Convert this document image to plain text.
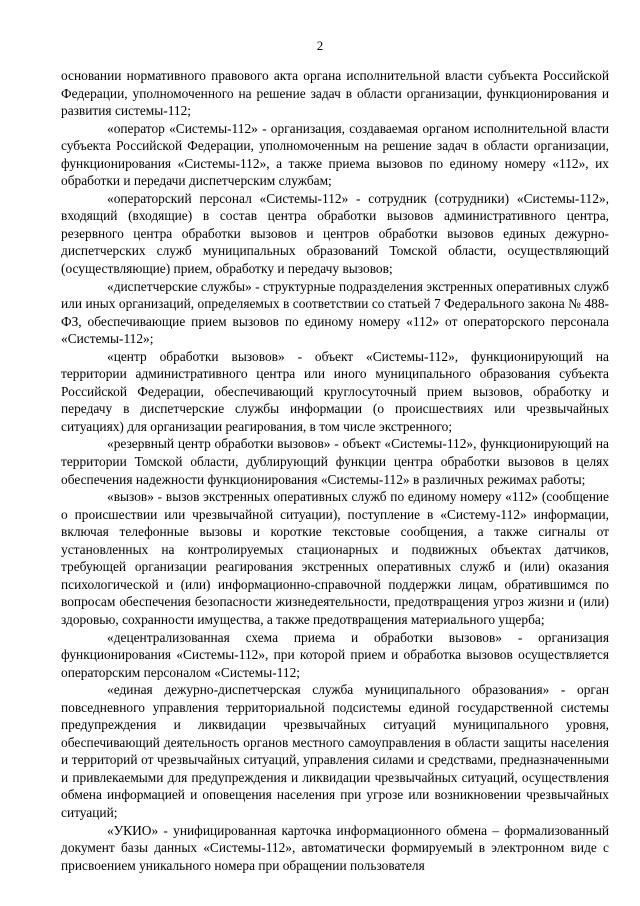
2

основании нормативного правового акта органа исполнительной власти субъекта Российской Федерации, уполномоченного на решение задач в области организации, функционирования и развития системы-112;

«оператор «Системы-112» - организация, создаваемая органом исполнительной власти субъекта Российской Федерации, уполномоченным на решение задач в области организации, функционирования «Системы-112», а также приема вызовов по единому номеру «112», их обработки и передачи диспетчерским службам;

«операторский персонал «Системы-112» - сотрудник (сотрудники) «Системы-112», входящий (входящие) в состав центра обработки вызовов административного центра, резервного центра обработки вызовов и центров обработки вызовов единых дежурно-диспетчерских служб муниципальных образований Томской области, осуществляющий (осуществляющие) прием, обработку и передачу вызовов;

«диспетчерские службы» - структурные подразделения экстренных оперативных служб или иных организаций, определяемых в соответствии со статьей 7 Федерального закона № 488-ФЗ, обеспечивающие прием вызовов по единому номеру «112» от операторского персонала «Системы-112»;

«центр обработки вызовов» - объект «Системы-112», функционирующий на территории административного центра или иного муниципального образования субъекта Российской Федерации, обеспечивающий круглосуточный прием вызовов, обработку и передачу в диспетчерские службы информации (о происшествиях или чрезвычайных ситуациях) для организации реагирования, в том числе экстренного;

«резервный центр обработки вызовов» - объект «Системы-112», функционирующий на территории Томской области, дублирующий функции центра обработки вызовов в целях обеспечения надежности функционирования «Системы-112» в различных режимах работы;

«вызов» - вызов экстренных оперативных служб по единому номеру «112» (сообщение о происшествии или чрезвычайной ситуации), поступление в «Систему-112» информации, включая телефонные вызовы и короткие текстовые сообщения, а также сигналы от установленных на контролируемых стационарных и подвижных объектах датчиков, требующей организации реагирования экстренных оперативных служб и (или) оказания психологической и (или) информационно-справочной поддержки лицам, обратившимся по вопросам обеспечения безопасности жизнедеятельности, предотвращения угроз жизни и (или) здоровью, сохранности имущества, а также предотвращения материального ущерба;

«децентрализованная схема приема и обработки вызовов» - организация функционирования «Системы-112», при которой прием и обработка вызовов осуществляется операторским персоналом «Системы-112;

«единая дежурно-диспетчерская служба муниципального образования» - орган повседневного управления территориальной подсистемы единой государственной системы предупреждения и ликвидации чрезвычайных ситуаций муниципального уровня, обеспечивающий деятельность органов местного самоуправления в области защиты населения и территорий от чрезвычайных ситуаций, управления силами и средствами, предназначенными и привлекаемыми для предупреждения и ликвидации чрезвычайных ситуаций, осуществления обмена информацией и оповещения населения при угрозе или возникновении чрезвычайных ситуаций;

«УКИО» - унифицированная карточка информационного обмена – формализованный документ базы данных «Системы-112», автоматически формируемый в электронном виде с присвоением уникального номера при обращении пользователя
